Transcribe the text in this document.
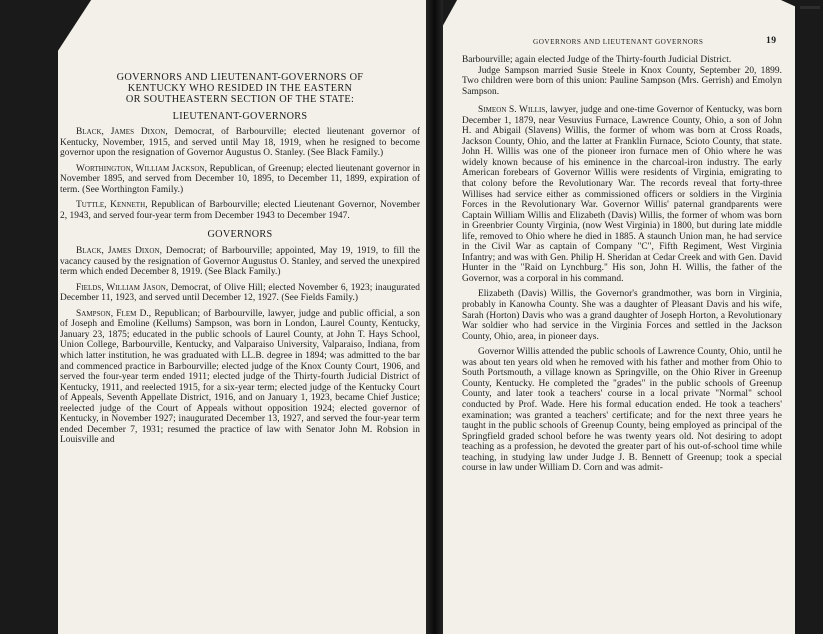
GOVERNORS AND LIEUTENANT GOVERNORS	19
GOVERNORS AND LIEUTENANT-GOVERNORS OF
KENTUCKY WHO RESIDED IN THE EASTERN
OR SOUTHEASTERN SECTION OF THE STATE:
LIEUTENANT-GOVERNORS

Black, James Dixon, Democrat, of Barbourville; elected lieutenant governor of Kentucky, November, 1915, and served until May 18, 1919, when he resigned to become governor upon the resignation of Governor Augustus O. Stanley. (See Black Family.)

Worthington, William Jackson, Republican, of Greenup; elected lieutenant governor in November 1895, and served from December 10, 1895, to December 11, 1899, expiration of term. (See Worthington Family.)

Tuttle, Kenneth, Republican of Barbourville; elected Lieutenant Governor, November 2, 1943, and served four-year term from December 1943 to December 1947.

GOVERNORS

Black, James Dixon, Democrat; of Barbourville; appointed, May 19, 1919, to fill the vacancy caused by the resignation of Governor Augustus O. Stanley, and served the unexpired term which ended December 8, 1919. (See Black Family.)

Fields, William Jason, Democrat, of Olive Hill; elected November 6, 1923; inaugurated December 11, 1923, and served until December 12, 1927. (See Fields Family.)

Sampson, Flem D., Republican; of Barbourville, lawyer, judge and public official, a son of Joseph and Emoline (Kellums) Sampson, was born in London, Laurel County, Kentucky, January 23, 1875; educated in the public schools of Laurel County, at John T. Hays School, Union College, Barbourville, Kentucky, and Valparaiso University, Valparaiso, Indiana, from which latter institution, he was graduated with LL.B. degree in 1894; was admitted to the bar and commenced practice in Barbourville; elected judge of the Knox County Court, 1906, and served the four-year term ended 1911; elected judge of the Thirty-fourth Judicial District of Kentucky, 1911, and reelected 1915, for a six-year term; elected judge of the Kentucky Court of Appeals, Seventh Appellate District, 1916, and on January 1, 1923, became Chief Justice; reelected judge of the Court of Appeals without opposition 1924; elected governor of Kentucky, in November 1927; inaugurated December 13, 1927, and served the four-year term ended December 7, 1931; resumed the practice of law with Senator John M. Robsion in Louisville and

Barbourville; again elected Judge of the Thirty-fourth Judicial District.

Judge Sampson married Susie Steele in Knox County, September 20, 1899. Two children were born of this union: Pauline Sampson (Mrs. Gerrish) and Emolyn Sampson.

Simeon S. Willis, lawyer, judge and one-time Governor of Kentucky, was born December 1, 1879, near Vesuvius Furnace, Lawrence County, Ohio, a son of John H. and Abigail (Slavens) Willis, the former of whom was born at Cross Roads, Jackson County, Ohio, and the latter at Franklin Furnace, Scioto County, that state. John H. Willis was one of the pioneer iron furnace men of Ohio where he was widely known because of his eminence in the charcoal-iron industry. The early American forebears of Governor Willis were residents of Virginia, emigrating to that colony before the Revolutionary War. The records reveal that forty-three Willises had service either as commissioned officers or soldiers in the Virginia Forces in the Revolutionary War. Governor Willis' paternal grandparents were Captain William Willis and Elizabeth (Davis) Willis, the former of whom was born in Greenbrier County Virginia, (now West Virginia) in 1800, but during late middle life, removed to Ohio where he died in 1885. A staunch Union man, he had service in the Civil War as captain of Company "C", Fifth Regiment, West Virginia Infantry; and was with Gen. Philip H. Sheridan at Cedar Creek and with Gen. David Hunter in the "Raid on Lynchburg." His son, John H. Willis, the father of the Governor, was a corporal in his command.

Elizabeth (Davis) Willis, the Governor's grandmother, was born in Virginia, probably in Kanowha County. She was a daughter of Pleasant Davis and his wife, Sarah (Horton) Davis who was a grand daughter of Joseph Horton, a Revolutionary War soldier who had service in the Virginia Forces and settled in the Jackson County, Ohio, area, in pioneer days.

Governor Willis attended the public schools of Lawrence County, Ohio, until he was about ten years old when he removed with his father and mother from Ohio to South Portsmouth, a village known as Springville, on the Ohio River in Greenup County, Kentucky. He completed the "grades" in the public schools of Greenup County, and later took a teachers' course in a local private "Normal" school conducted by Prof. Wade. Here his formal education ended. He took a teachers' examination; was granted a teachers' certificate; and for the next three years he taught in the public schools of Greenup County, being employed as principal of the Springfield graded school before he was twenty years old. Not desiring to adopt teaching as a profession, he devoted the greater part of his out-of-school time while teaching, in studying law under Judge J. B. Bennett of Greenup; took a special course in law under William D. Corn and was admit-
